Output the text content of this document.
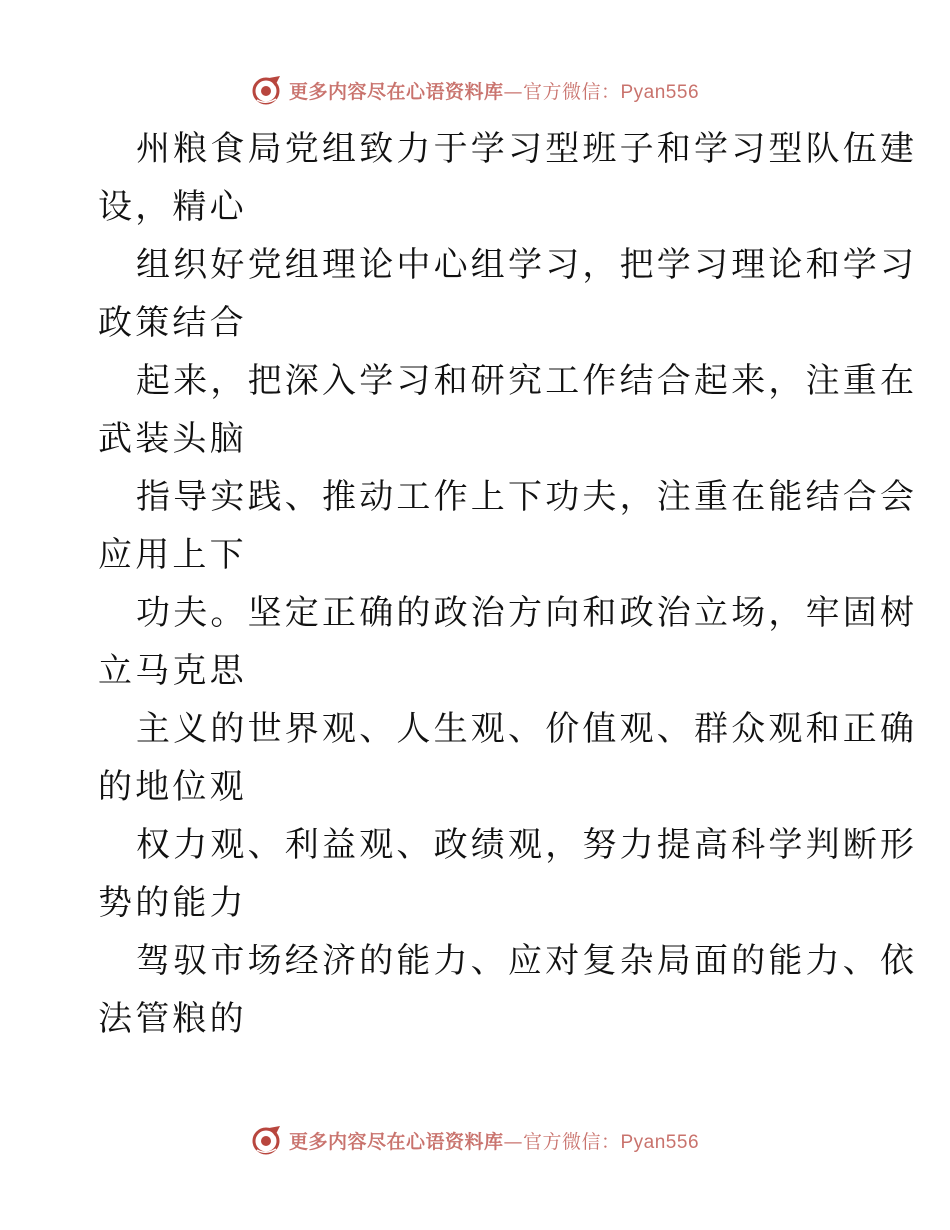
更多内容尽在心语资料库—官方微信：Pyan556

州粮食局党组致力于学习型班子和学习型队伍建
设，精心

组织好党组理论中心组学习，把学习理论和学习
政策结合

起来，把深入学习和研究工作结合起来，注重在
武装头脑

指导实践、推动工作上下功夫，注重在能结合会
应用上下

功夫。坚定正确的政治方向和政治立场，牢固树
立马克思

主义的世界观、人生观、价值观、群众观和正确
的地位观

权力观、利益观、政绩观，努力提高科学判断形
势的能力

驾驭市场经济的能力、应对复杂局面的能力、依
法管粮的

更多内容尽在心语资料库—官方微信：Pyan556
